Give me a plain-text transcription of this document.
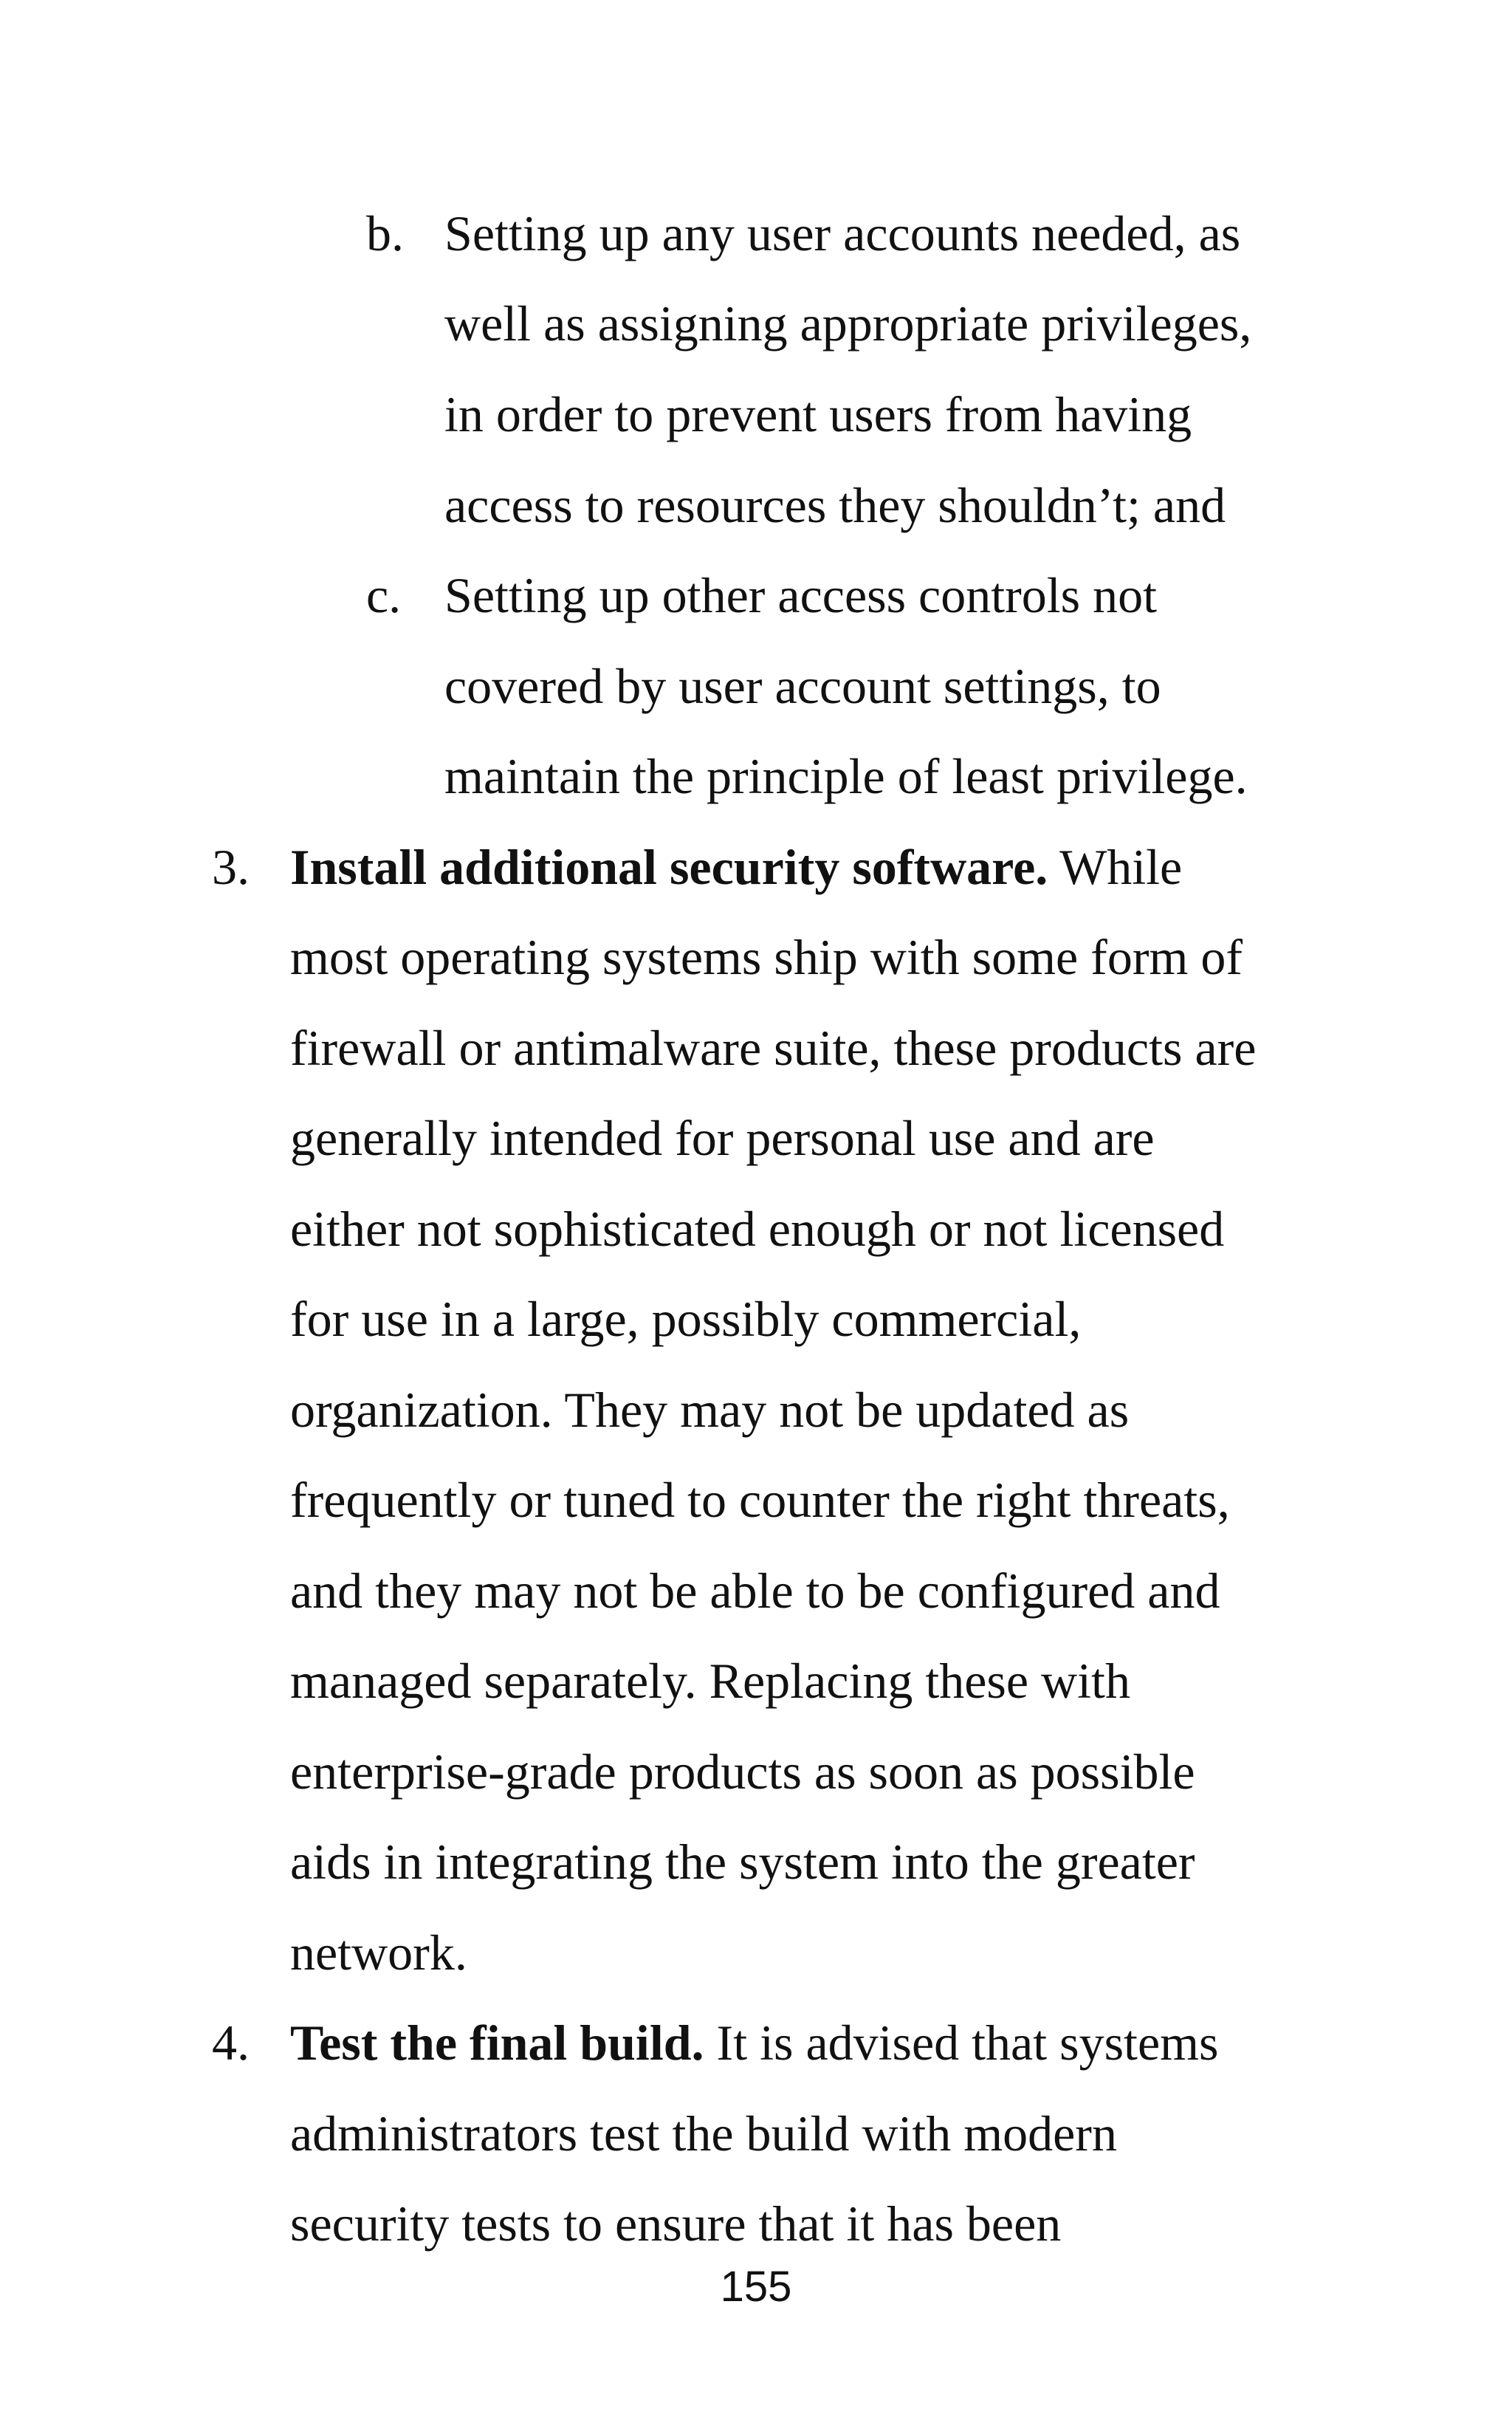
b. Setting up any user accounts needed, as
well as assigning appropriate privileges,
in order to prevent users from having
access to resources they shouldn’t; and
c. Setting up other access controls not
covered by user account settings, to
maintain the principle of least privilege.
3. Install additional security software. While
most operating systems ship with some form of
firewall or antimalware suite, these products are
generally intended for personal use and are
either not sophisticated enough or not licensed
for use in a large, possibly commercial,
organization. They may not be updated as
frequently or tuned to counter the right threats,
and they may not be able to be configured and
managed separately. Replacing these with
enterprise-grade products as soon as possible
aids in integrating the system into the greater
network.
4. Test the final build. It is advised that systems
administrators test the build with modern
security tests to ensure that it has been
155
